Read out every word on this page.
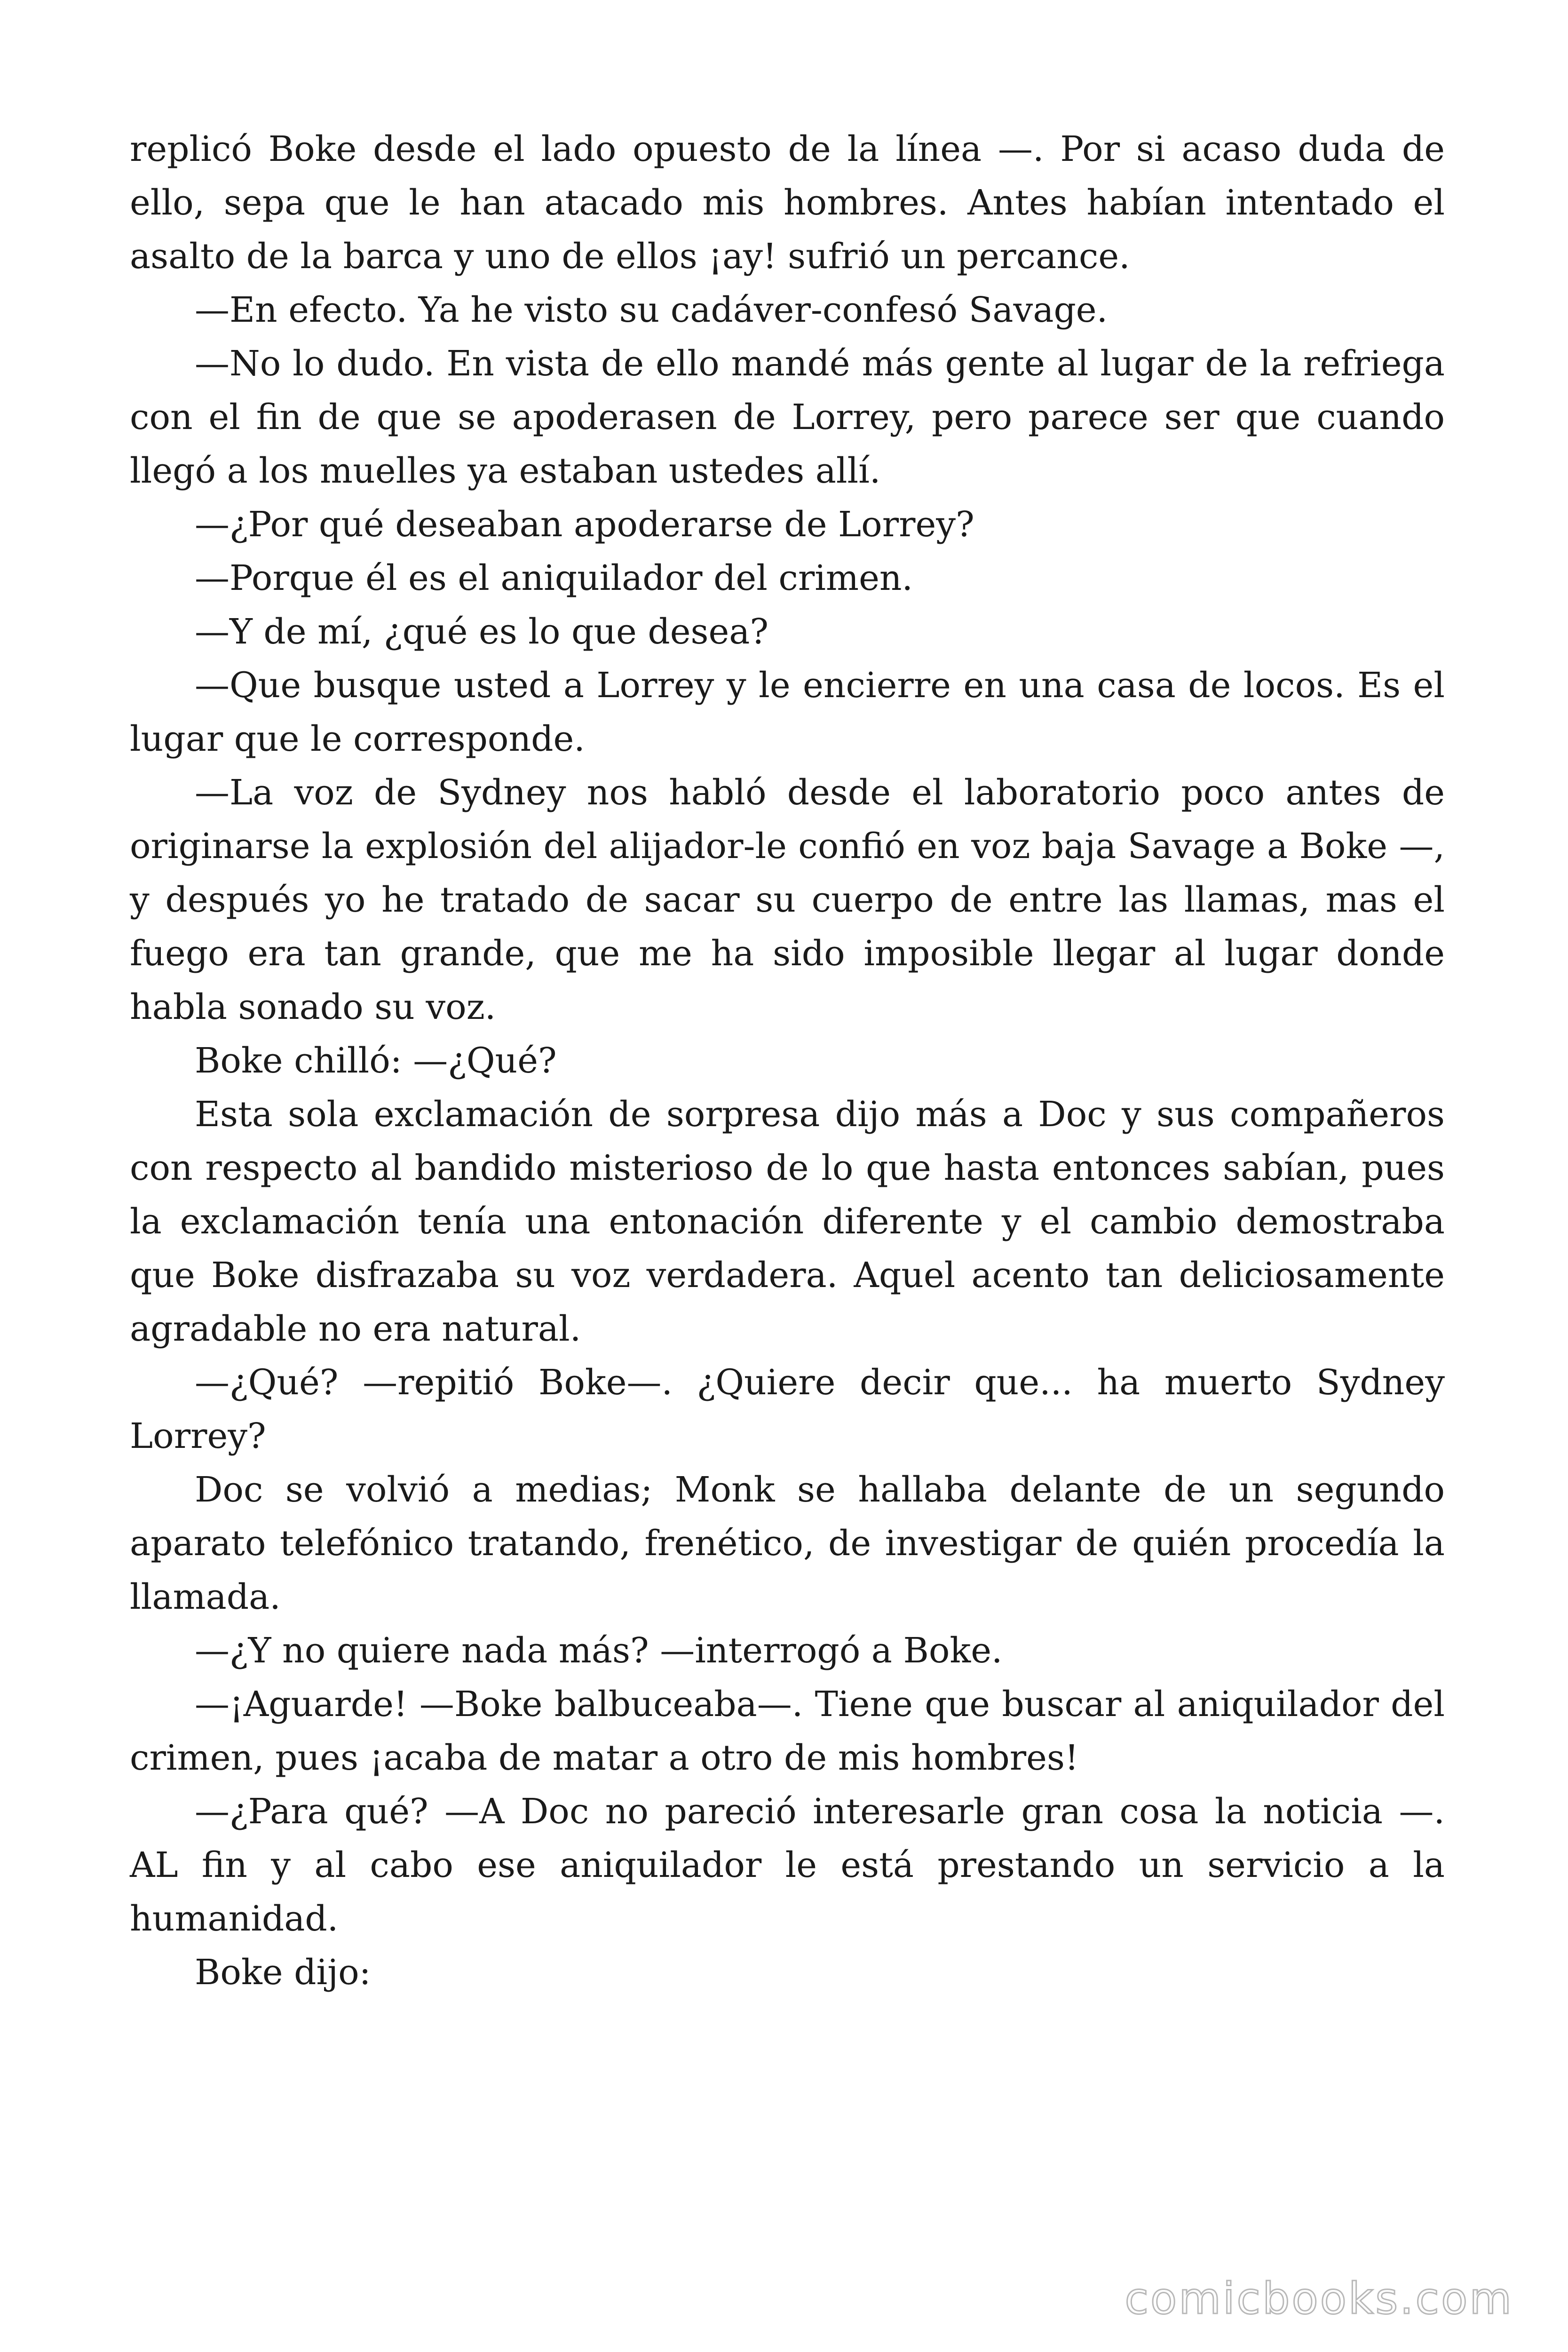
replicó Boke desde el lado opuesto de la línea —. Por si acaso duda de ello, sepa que le han atacado mis hombres. Antes habían intentado el asalto de la barca y uno de ellos ¡ay! sufrió un percance.

—En efecto. Ya he visto su cadáver-confesó Savage.

—No lo dudo. En vista de ello mandé más gente al lugar de la refriega con el fin de que se apoderasen de Lorrey, pero parece ser que cuando llegó a los muelles ya estaban ustedes allí.

—¿Por qué deseaban apoderarse de Lorrey?

—Porque él es el aniquilador del crimen.

—Y de mí, ¿qué es lo que desea?

—Que busque usted a Lorrey y le encierre en una casa de locos. Es el lugar que le corresponde.

—La voz de Sydney nos habló desde el laboratorio poco antes de originarse la explosión del alijador-le confió en voz baja Savage a Boke —, y después yo he tratado de sacar su cuerpo de entre las llamas, mas el fuego era tan grande, que me ha sido imposible llegar al lugar donde habla sonado su voz.

Boke chilló: —¿Qué?

Esta sola exclamación de sorpresa dijo más a Doc y sus compañeros con respecto al bandido misterioso de lo que hasta entonces sabían, pues la exclamación tenía una entonación diferente y el cambio demostraba que Boke disfrazaba su voz verdadera. Aquel acento tan deliciosamente agradable no era natural.

—¿Qué? —repitió Boke—. ¿Quiere decir que... ha muerto Sydney Lorrey?

Doc se volvió a medias; Monk se hallaba delante de un segundo aparato telefónico tratando, frenético, de investigar de quién procedía la llamada.

—¿Y no quiere nada más? —interrogó a Boke.

—¡Aguarde! —Boke balbuceaba—. Tiene que buscar al aniquilador del crimen, pues ¡acaba de matar a otro de mis hombres!

—¿Para qué? —A Doc no pareció interesarle gran cosa la noticia —. AL fin y al cabo ese aniquilador le está prestando un servicio a la humanidad.

Boke dijo:

comicbooks.com
